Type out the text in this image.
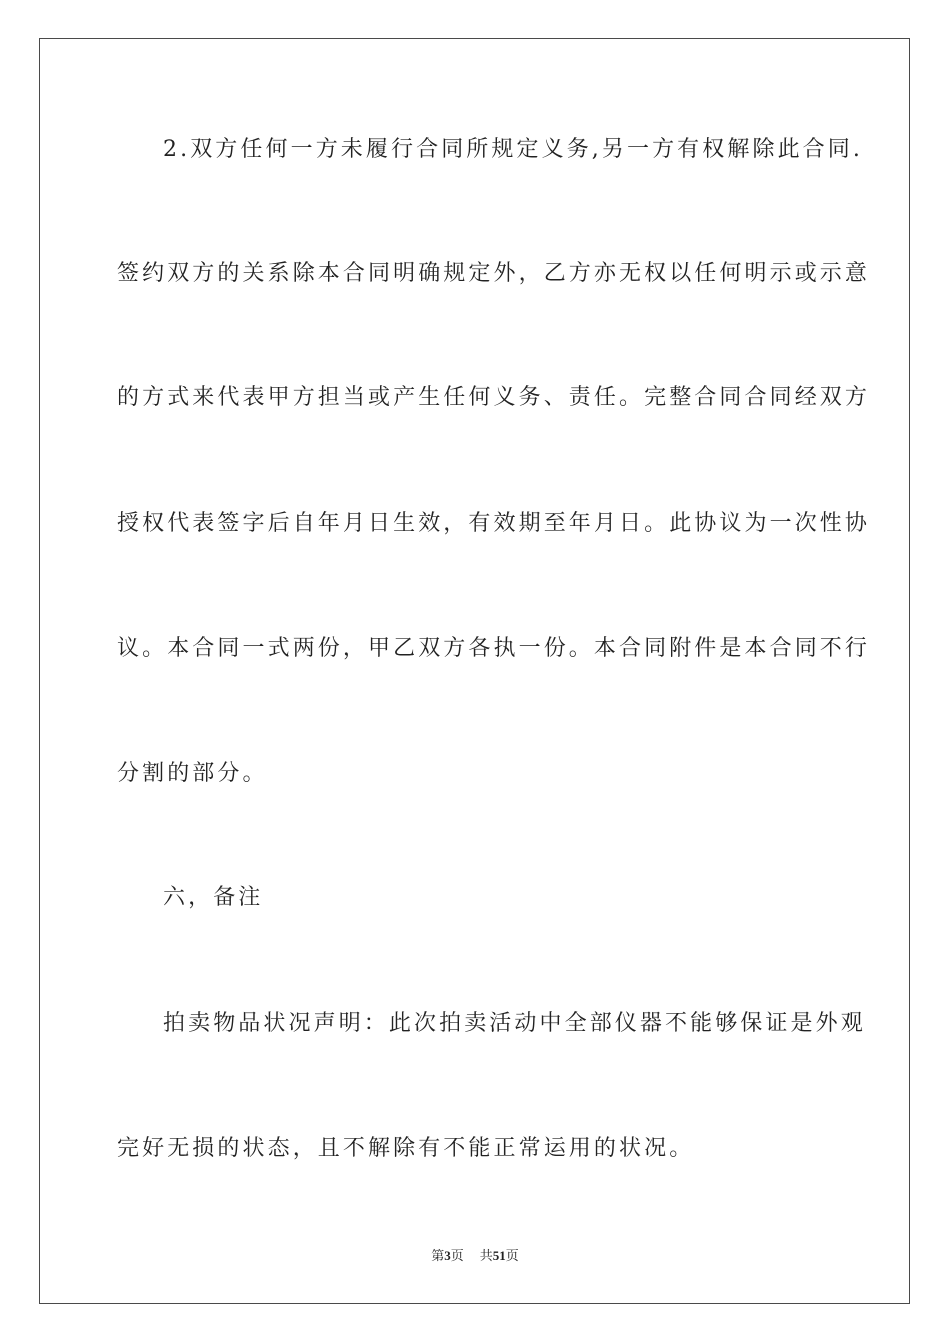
2.双方任何一方未履行合同所规定义务,另一方有权解除此合同.
签约双方的关系除本合同明确规定外，乙方亦无权以任何明示或示意
的方式来代表甲方担当或产生任何义务、责任。完整合同合同经双方
授权代表签字后自年月日生效，有效期至年月日。此协议为一次性协
议。本合同一式两份，甲乙双方各执一份。本合同附件是本合同不行
分割的部分。
六，备注
拍卖物品状况声明：此次拍卖活动中全部仪器不能够保证是外观
完好无损的状态，且不解除有不能正常运用的状况。
第3页 共51页
